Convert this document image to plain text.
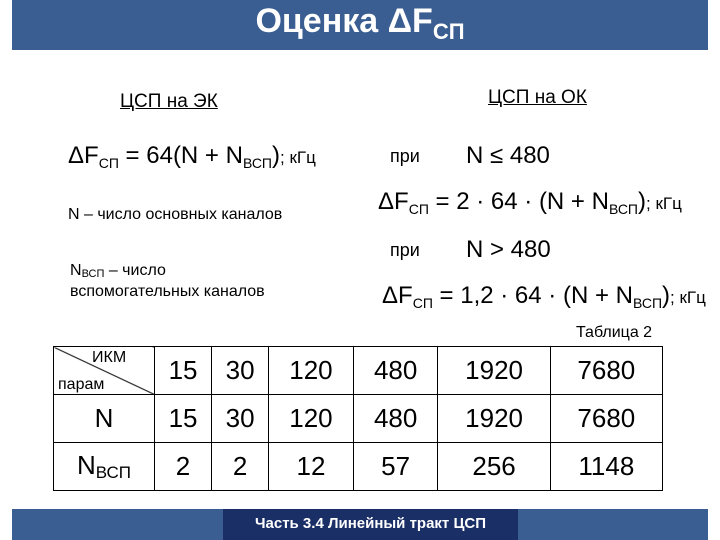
Оценка $\Delta F_{СП}$
ЦСП на ЭК	ЦСП на ОК
$\Delta F_{СП} = 64(N + N_{ВСП})$; кГц	при N ≤ 480
$\Delta F_{СП} = 2 \cdot 64 \cdot (N + N_{ВСП})$; кГц
N – число основных каналов
при N > 480
$N_{ВСП}$ – число
вспомогательных каналов	$\Delta F_{СП} = 1,2 \cdot 64 \cdot (N + N_{ВСП})$; кГц
Таблица 2
ИКМ
парам	15	30	120	480	1920	7680
N	15	30	120	480	1920	7680
$N_{ВСП}$	2	2	12	57	256	1148
Часть 3.4 Линейный тракт ЦСП
